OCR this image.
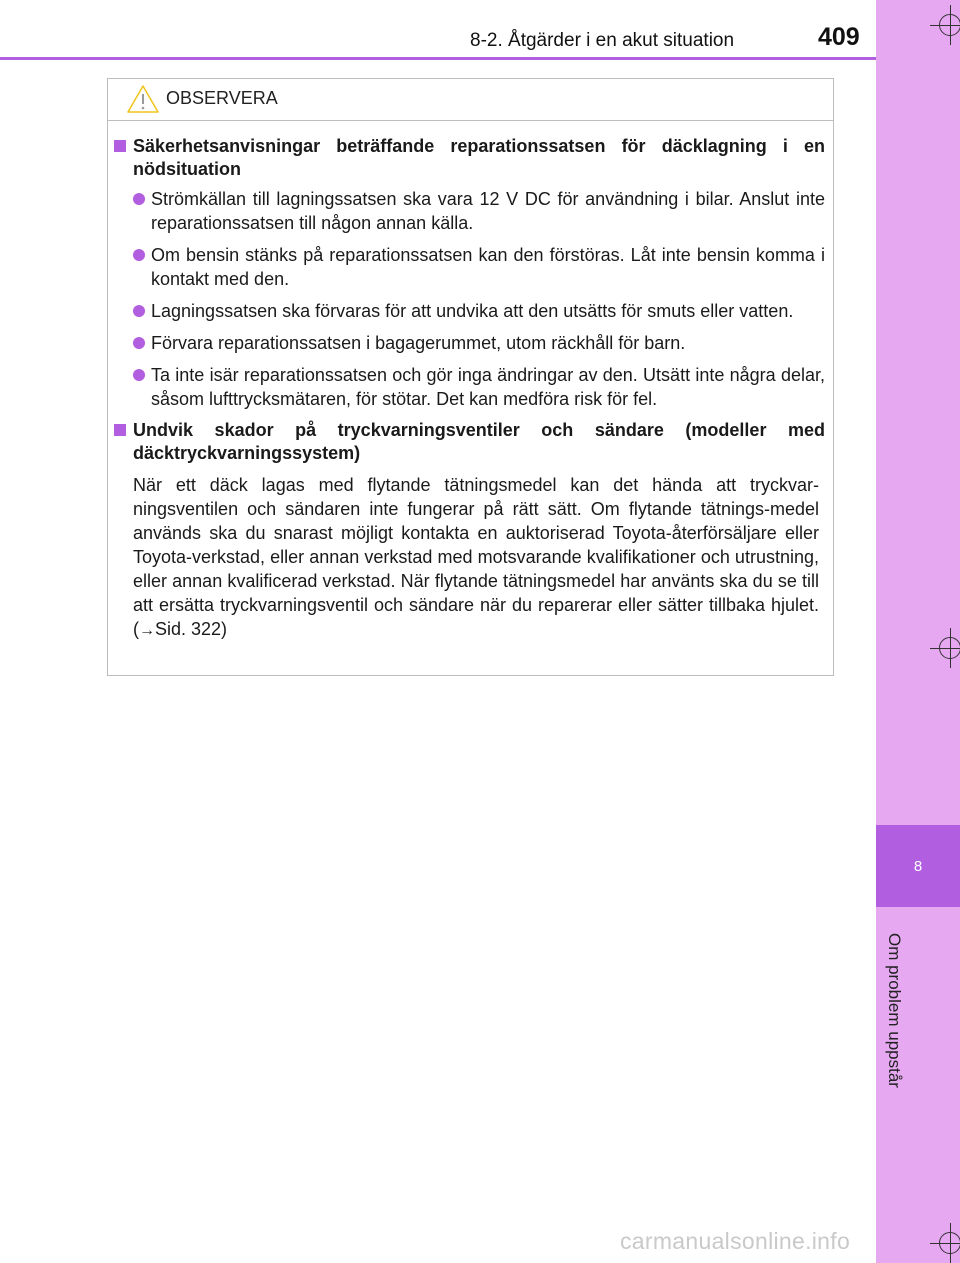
8
Om problem uppstår
8-2. Åtgärder i en akut situation	409
OBSERVERA
Säkerhetsanvisningar beträffande reparationssatsen för däcklagning i en nödsituation
Strömkällan till lagningssatsen ska vara 12 V DC för användning i bilar. Anslut inte reparationssatsen till någon annan källa.
Om bensin stänks på reparationssatsen kan den förstöras. Låt inte bensin komma i kontakt med den.
Lagningssatsen ska förvaras för att undvika att den utsätts för smuts eller vatten.
Förvara reparationssatsen i bagagerummet, utom räckhåll för barn.
Ta inte isär reparationssatsen och gör inga ändringar av den. Utsätt inte några delar, såsom lufttrycksmätaren, för stötar. Det kan medföra risk för fel.
Undvik skador på tryckvarningsventiler och sändare (modeller med däcktryckvarningssystem)
När ett däck lagas med flytande tätningsmedel kan det hända att tryckvar-ningsventilen och sändaren inte fungerar på rätt sätt. Om flytande tätnings-medel används ska du snarast möjligt kontakta en auktoriserad Toyota-återförsäljare eller Toyota-verkstad, eller annan verkstad med motsvarande kvalifikationer och utrustning, eller annan kvalificerad verkstad. När flytande tätningsmedel har använts ska du se till att ersätta tryckvarningsventil och sändare när du reparerar eller sätter tillbaka hjulet. (→Sid. 322)
carmanualsonline.info
